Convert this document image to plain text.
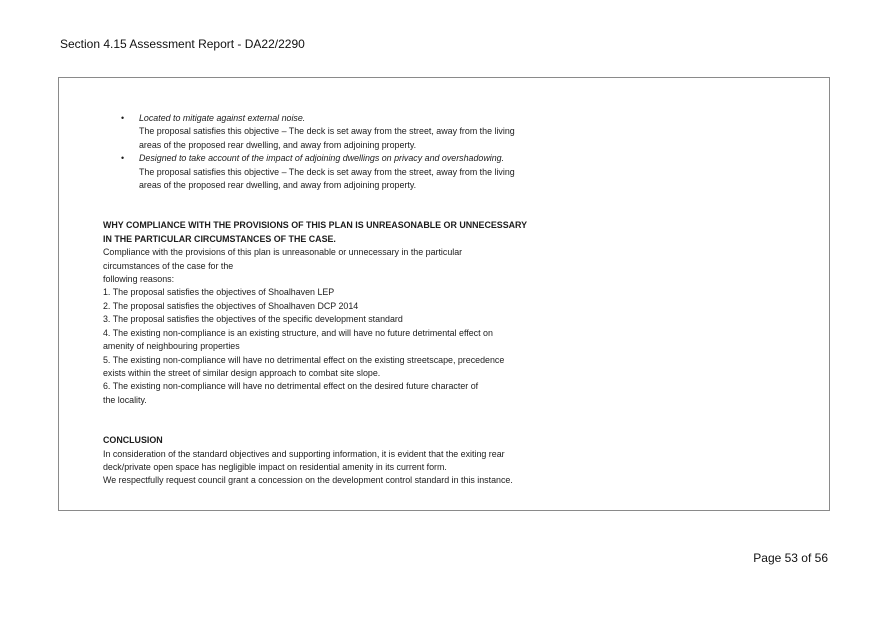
Section 4.15 Assessment Report - DA22/2290
• Located to mitigate against external noise.
The proposal satisfies this objective – The deck is set away from the street, away from the living
areas of the proposed rear dwelling, and away from adjoining property.
• Designed to take account of the impact of adjoining dwellings on privacy and overshadowing.
The proposal satisfies this objective – The deck is set away from the street, away from the living
areas of the proposed rear dwelling, and away from adjoining property.
WHY COMPLIANCE WITH THE PROVISIONS OF THIS PLAN IS UNREASONABLE OR UNNECESSARY
IN THE PARTICULAR CIRCUMSTANCES OF THE CASE.
Compliance with the provisions of this plan is unreasonable or unnecessary in the particular
circumstances of the case for the
following reasons:
1. The proposal satisfies the objectives of Shoalhaven LEP
2. The proposal satisfies the objectives of Shoalhaven DCP 2014
3. The proposal satisfies the objectives of the specific development standard
4. The existing non-compliance is an existing structure, and will have no future detrimental effect on
amenity of neighbouring properties
5. The existing non-compliance will have no detrimental effect on the existing streetscape, precedence
exists within the street of similar design approach to combat site slope.
6. The existing non-compliance will have no detrimental effect on the desired future character of
the locality.
CONCLUSION
In consideration of the standard objectives and supporting information, it is evident that the exiting rear
deck/private open space has negligible impact on residential amenity in its current form.
We respectfully request council grant a concession on the development control standard in this instance.
Page 53 of 56
